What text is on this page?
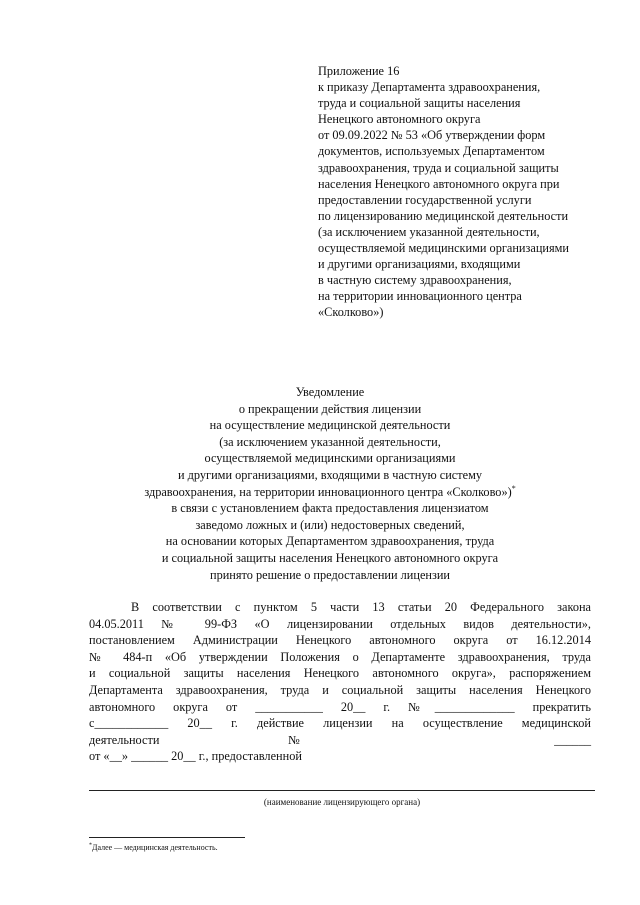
Приложение 16
к приказу Департамента здравоохранения,
труда и социальной защиты населения
Ненецкого автономного округа
от 09.09.2022 № 53 «Об утверждении форм
документов, используемых Департаментом
здравоохранения, труда и социальной защиты
населения Ненецкого автономного округа при
предоставлении государственной услуги
по лицензированию медицинской деятельности
(за исключением указанной деятельности,
осуществляемой медицинскими организациями
и другими организациями, входящими
в частную систему здравоохранения,
на территории инновационного центра
«Сколково»)
Уведомление
о прекращении действия лицензии
на осуществление медицинской деятельности
(за исключением указанной деятельности,
осуществляемой медицинскими организациями
и другими организациями, входящими в частную систему
здравоохранения, на территории инновационного центра «Сколково»)*
в связи с установлением факта предоставления лицензиатом
заведомо ложных и (или) недостоверных сведений,
на основании которых Департаментом здравоохранения, труда
и социальной защиты населения Ненецкого автономного округа
принято решение о предоставлении лицензии
В соответствии с пунктом 5 части 13 статьи 20 Федерального закона
04.05.2011 № 99-ФЗ «О лицензировании отдельных видов деятельности»,
постановлением Администрации Ненецкого автономного округа от 16.12.2014
№ 484-п «Об утверждении Положения о Департаменте здравоохранения, труда
и социальной защиты населения Ненецкого автономного округа», распоряжением
Департамента здравоохранения, труда и социальной защиты населения Ненецкого
автономного округа от ___________ 20__ г. №_____________ прекратить
с____________ 20__ г. действие лицензии на осуществление медицинской
деятельности № ______
от «__» ______ 20__ г., предоставленной
(наименование лицензирующего органа)
*Далее — медицинская деятельность.
